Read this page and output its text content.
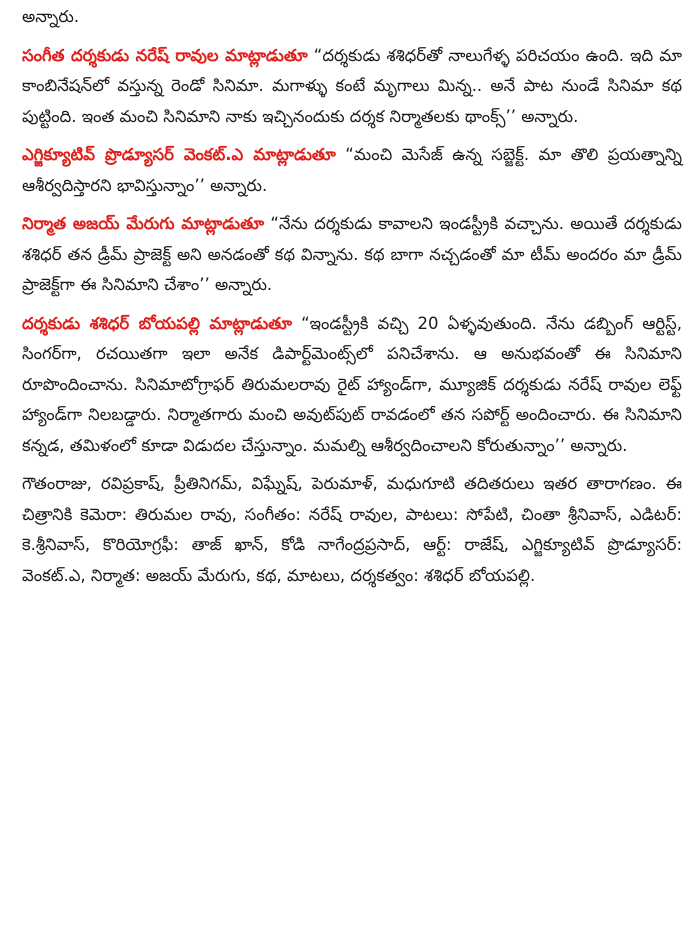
అన్నారు.

సంగీత దర్శకుడు నరేష్ రావుల మాట్లాడుతూ “దర్శకుడు శశిధర్‌తో నాలుగేళ్ళ పరిచయం ఉంది. ఇది మా కాంబినేషన్‌లో వస్తున్న రెండో సినిమా. మగాళ్ళు కంటే మృగాలు మిన్న.. అనే పాట నుండే సినిమా కథ పుట్టింది. ఇంత మంచి సినిమాని నాకు ఇచ్చినందుకు దర్శక నిర్మాతలకు థాంక్స్’’ అన్నారు.

ఎగ్జిక్యూటివ్ ప్రొడ్యూసర్ వెంకట్.ఎ మాట్లాడుతూ “మంచి మెసేజ్ ఉన్న సబ్జెక్ట్. మా తొలి ప్రయత్నాన్ని ఆశీర్వదిస్తారని భావిస్తున్నాం’’ అన్నారు.

నిర్మాత అజయ్ మేరుగు మాట్లాడుతూ “నేను దర్శకుడు కావాలని ఇండస్ట్రీకి వచ్చాను. అయితే దర్శకుడు శశిధర్ తన డ్రీమ్ ప్రాజెక్ట్ అని అనడంతో కథ విన్నాను. కథ బాగా నచ్చడంతో మా టీమ్ అందరం మా డ్రీమ్ ప్రాజెక్ట్‌గా ఈ సినిమాని చేశాం’’ అన్నారు.

దర్శకుడు శశిధర్ బోయపల్లి మాట్లాడుతూ “ఇండస్ట్రీకి వచ్చి 20 ఏళ్ళవుతుంది. నేను డబ్బింగ్ ఆర్టిస్ట్, సింగర్‌గా, రచయితగా ఇలా అనేక డిపార్ట్‌మెంట్స్‌లో పనిచేశాను. ఆ అనుభవంతో ఈ సినిమాని రూపొందించాను. సినిమాటోగ్రాఫర్ తిరుమలరావు రైట్ హ్యాండ్‌గా, మ్యూజిక్ దర్శకుడు నరేష్ రావుల లెఫ్ట్ హ్యాండ్‌గా నిలబడ్డారు. నిర్మాతగారు మంచి అవుట్‌పుట్ రావడంలో తన సపోర్ట్ అందించారు. ఈ సినిమాని కన్నడ, తమిళంలో కూడా విడుదల చేస్తున్నాం. మమల్ని ఆశీర్వదించాలని కోరుతున్నాం’’ అన్నారు.

గౌతంరాజు, రవిప్రకాష్, ప్రీతినిగమ్, విఘ్నేష్, పెరుమాళ్, మధుగూటి తదితరులు ఇతర తారాగణం. ఈ చిత్రానికి కెమెరా: తిరుమల రావు, సంగీతం: నరేష్ రావుల, పాటలు: సోపేటి, చింతా శ్రీనివాస్, ఎడిటర్: కె.శ్రీనివాస్, కొరియోగ్రఫీ: తాజ్ ఖాన్, కోడి నాగేంద్రప్రసాద్, ఆర్ట్: రాజేష్, ఎగ్జిక్యూటివ్ ప్రొడ్యూసర్: వెంకట్.ఎ, నిర్మాత: అజయ్ మేరుగు, కథ, మాటలు, దర్శకత్వం: శశిధర్ బోయపల్లి.
